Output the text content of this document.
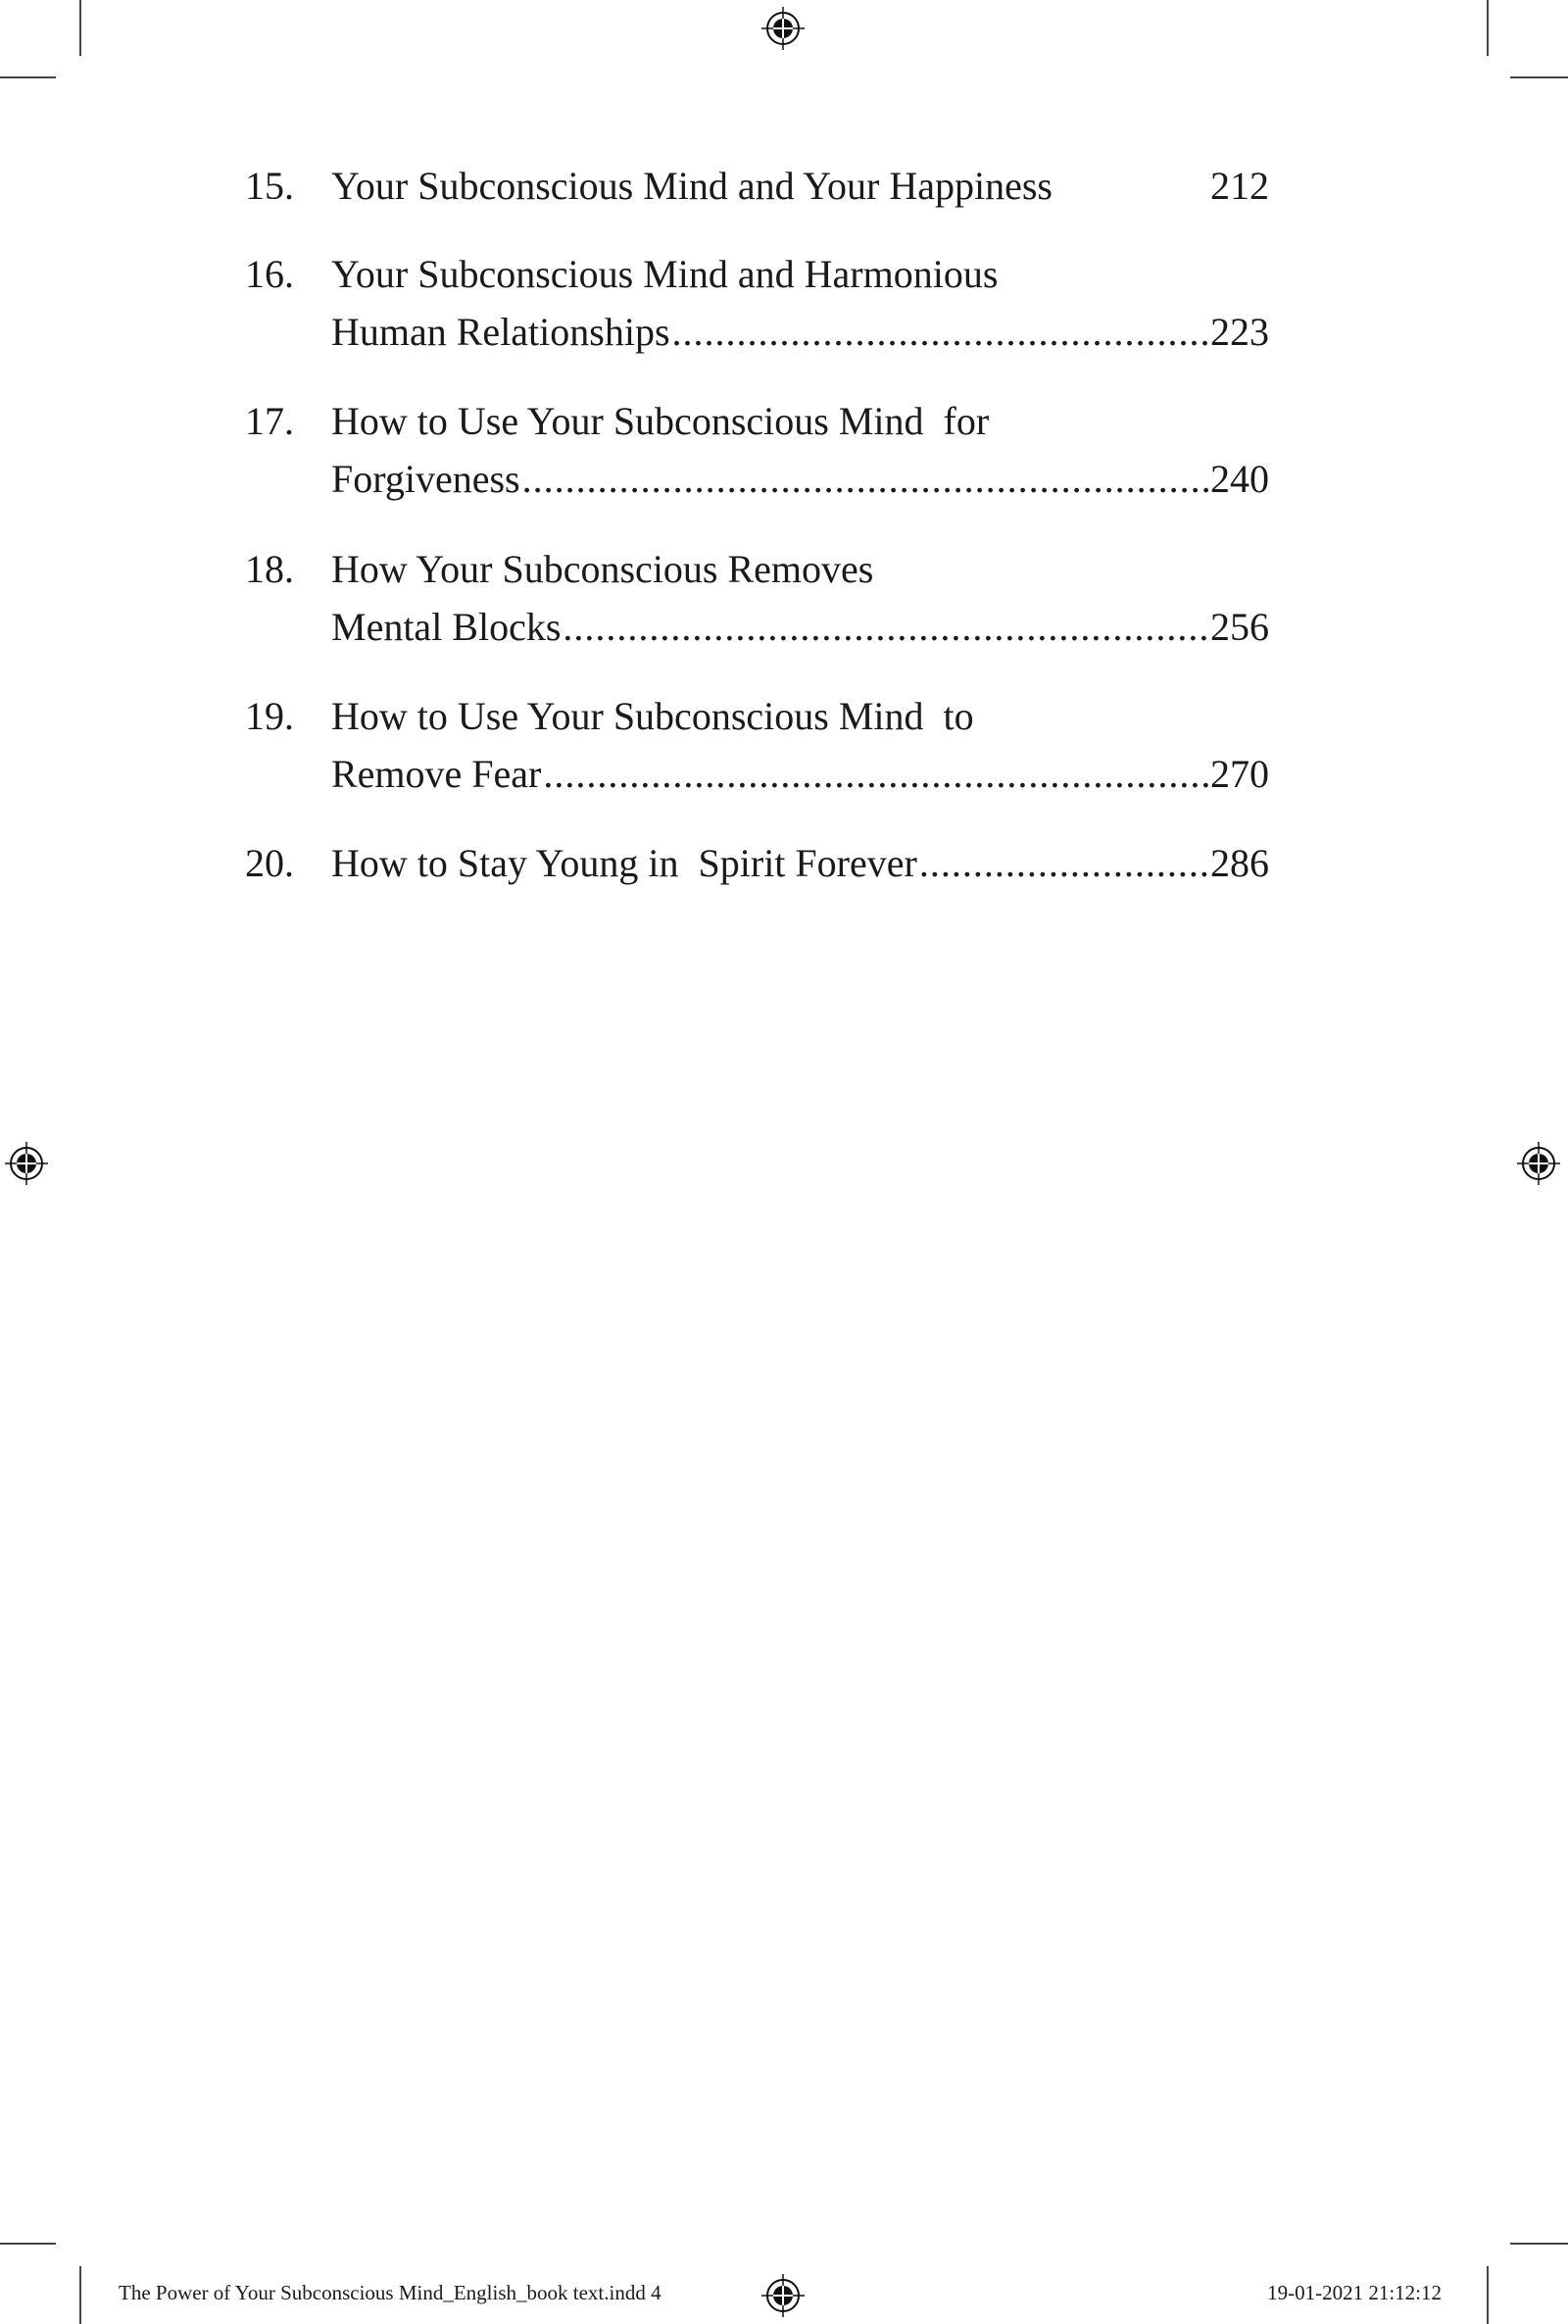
15. Your Subconscious Mind and Your Happiness	212
16. Your Subconscious Mind and Harmonious
Human Relationships .....	223
17. How to Use Your Subconscious Mind  for
Forgiveness .....	240
18. How Your Subconscious Removes
Mental Blocks .....	256
19. How to Use Your Subconscious Mind  to
Remove Fear .....	270
20. How to Stay Young in  Spirit Forever .....	286
The Power of Your Subconscious Mind_English_book text.indd 4	19-01-2021 21:12:12
